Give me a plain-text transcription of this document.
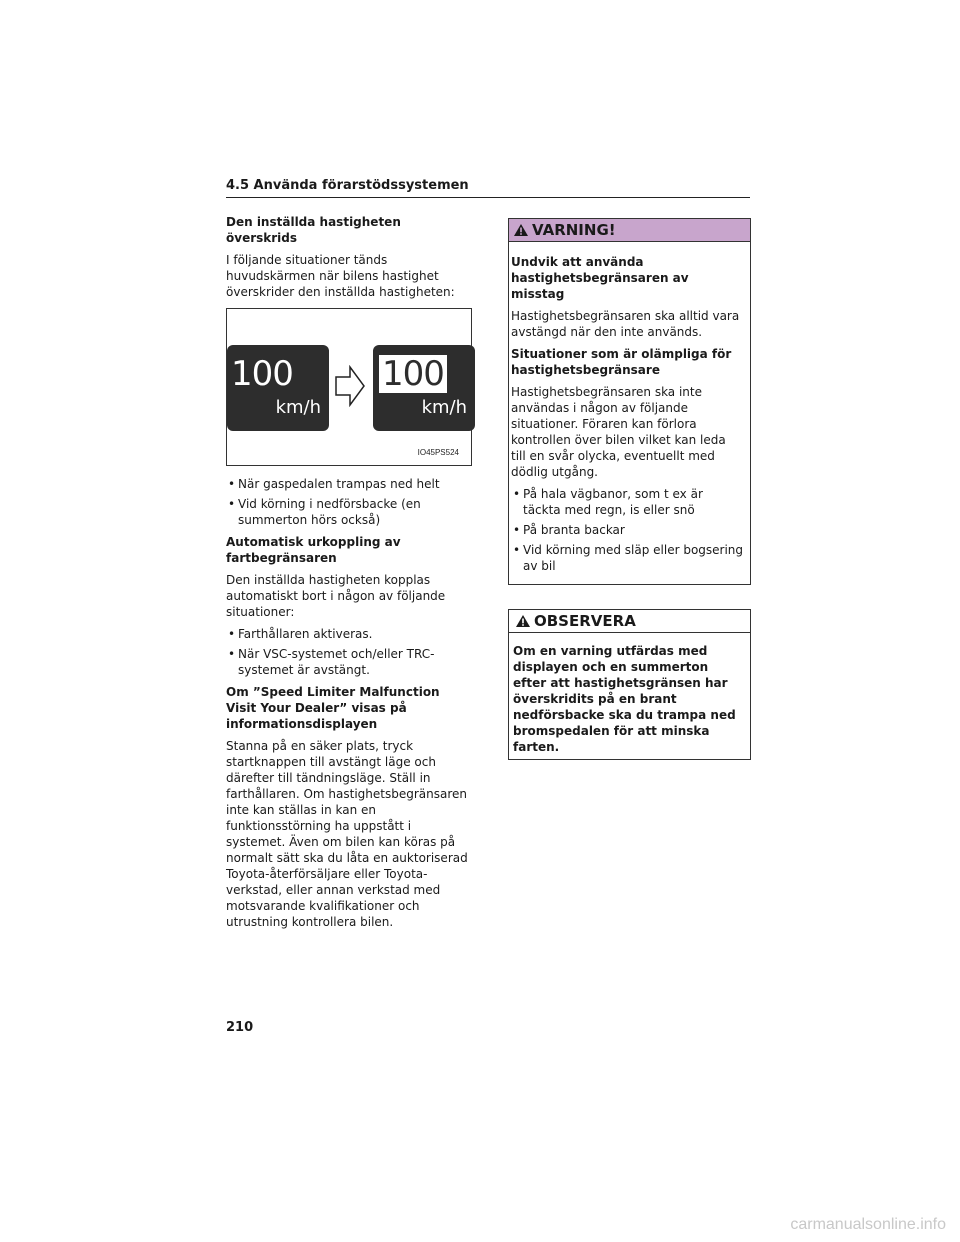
4.5 Använda förarstödssystemen
Den inställda hastigheten överskrids

I följande situationer tänds huvudskärmen när bilens hastighet överskrider den inställda hastigheten:

100
km/h
100
km/h
IO45PS524
• När gaspedalen trampas ned helt
• Vid körning i nedförsbacke (en summerton hörs också)
Automatisk urkoppling av fartbegränsaren

Den inställda hastigheten kopplas automatiskt bort i någon av följande situationer:

• Farthållaren aktiveras.
• När VSC-systemet och/eller TRC-systemet är avstängt.
Om ”Speed Limiter Malfunction Visit Your Dealer” visas på informationsdisplayen

Stanna på en säker plats, tryck startknappen till avstängt läge och därefter till tändningsläge. Ställ in farthållaren. Om hastighetsbegränsaren inte kan ställas in kan en funktionsstörning ha uppstått i systemet. Även om bilen kan köras på normalt sätt ska du låta en auktoriserad Toyota-återförsäljare eller Toyota-verkstad, eller annan verkstad med motsvarande kvalifikationer och utrustning kontrollera bilen.

VARNING!
Undvik att använda hastighetsbegränsaren av misstag

Hastighetsbegränsaren ska alltid vara avstängd när den inte används.

Situationer som är olämpliga för hastighetsbegränsare

Hastighetsbegränsaren ska inte användas i någon av följande situationer. Föraren kan förlora kontrollen över bilen vilket kan leda till en svår olycka, eventuellt med dödlig utgång.

• På hala vägbanor, som t ex är täckta med regn, is eller snö
• På branta backar
• Vid körning med släp eller bogsering av bil
OBSERVERA
Om en varning utfärdas med displayen och en summerton efter att hastighetsgränsen har överskridits på en brant nedförsbacke ska du trampa ned bromspedalen för att minska farten.
210
carmanualsonline.info
